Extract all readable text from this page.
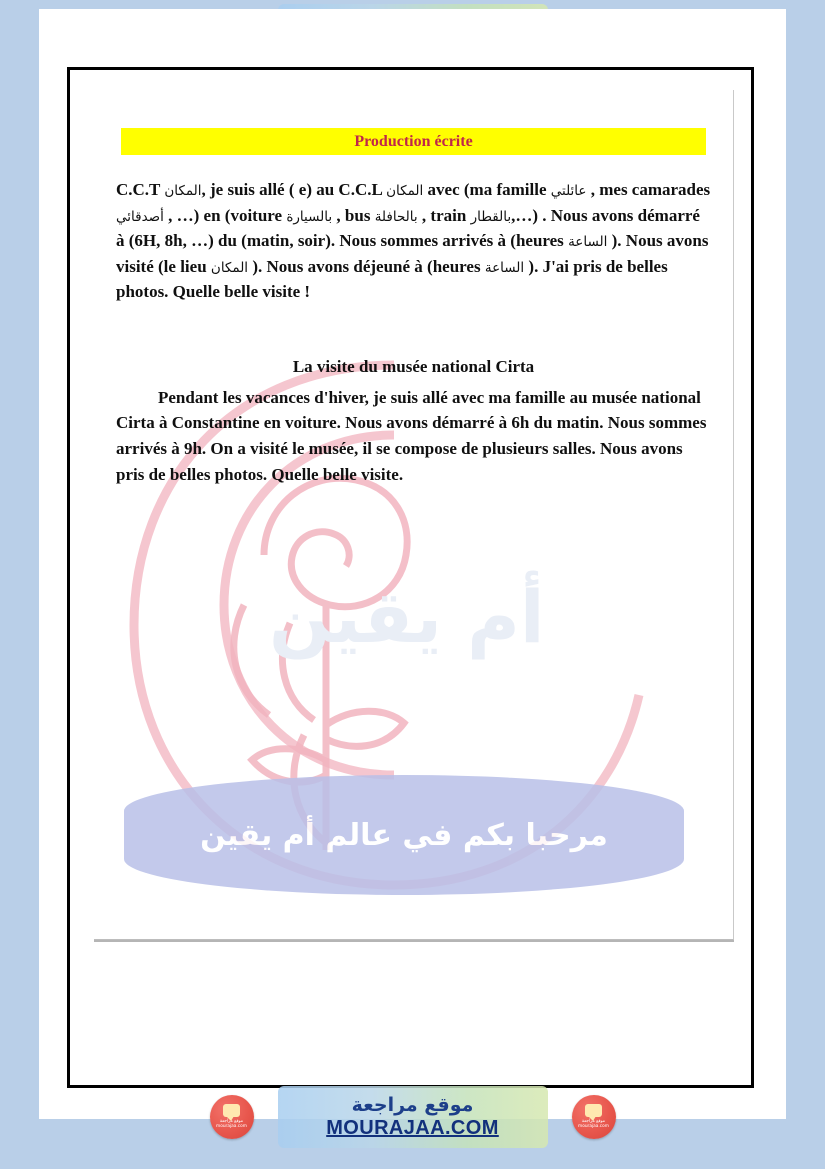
أم يقين
مرحبا بكم في عالم أم يقين
Production écrite

C.C.T المكان, je suis allé ( e) au C.C.L المكان avec (ma famille عائلتي , mes camarades أصدقائي , …) en (voiture بالسيارة , bus بالحافلة , train بالقطار,…) . Nous avons démarré à (6H, 8h, …) du (matin, soir). Nous sommes arrivés à (heures الساعة ). Nous avons visité (le lieu المكان ). Nous avons déjeuné à (heures الساعة ). J'ai pris de belles photos. Quelle belle visite !

La visite du musée national Cirta

Pendant les vacances d'hiver, je suis allé avec ma famille au musée national Cirta à Constantine en voiture. Nous avons démarré à 6h du matin. Nous sommes arrivés à 9h. On a visité le musée, il se compose de plusieurs salles. Nous avons pris de belles photos. Quelle belle visite.

موقع مراجعة
mourajaa.com
موقع مراجعة
MOURAJAA.COM	موقع مراجعة
mourajaa.com
